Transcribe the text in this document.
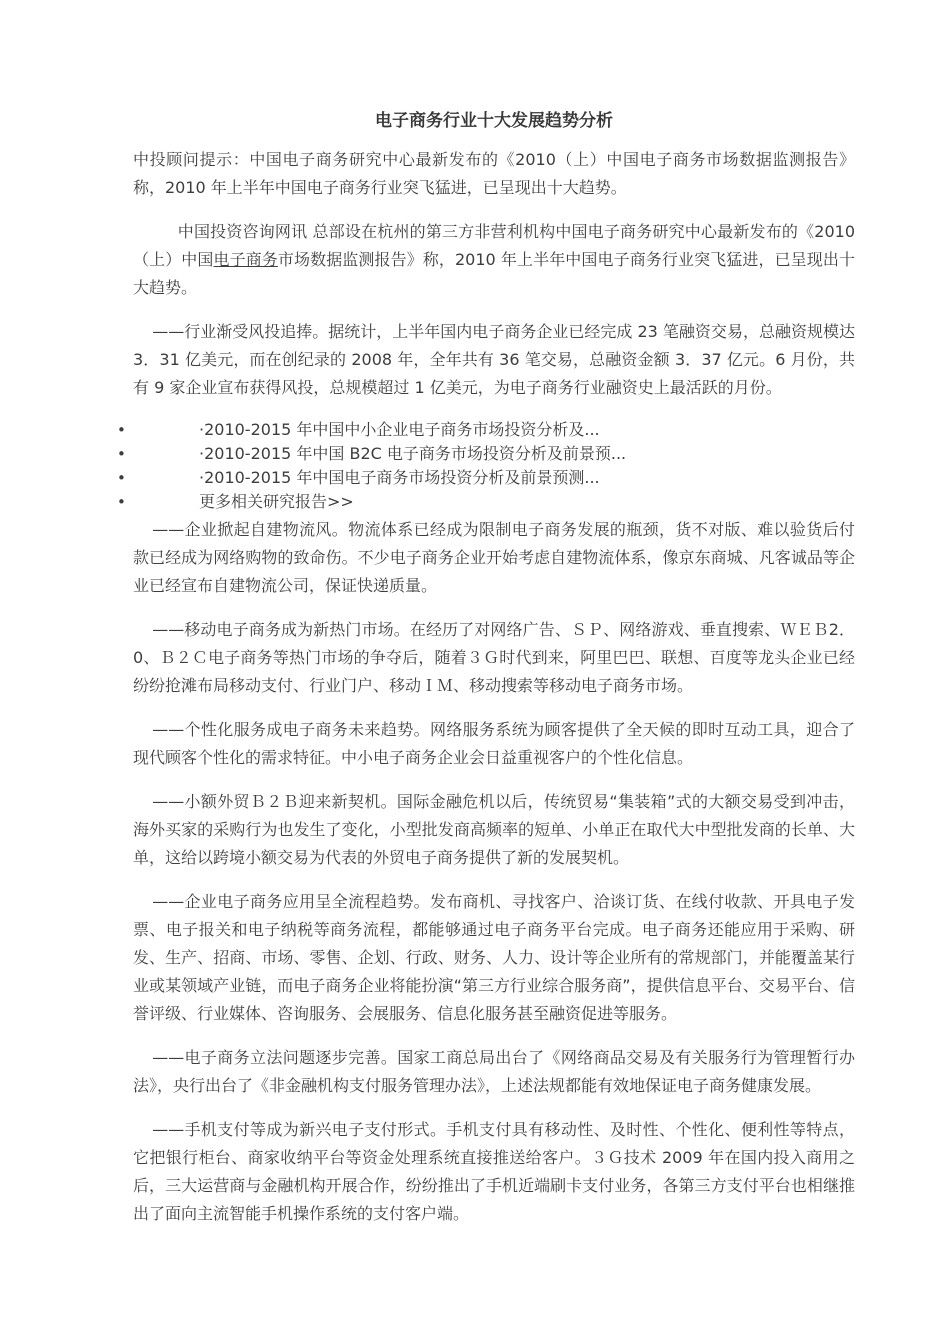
电子商务行业十大发展趋势分析

中投顾问提示：中国电子商务研究中心最新发布的《2010（上）中国电子商务市场数据监测报告》称，2010 年上半年中国电子商务行业突飞猛进，已呈现出十大趋势。

中国投资咨询网讯 总部设在杭州的第三方非营利机构中国电子商务研究中心最新发布的《2010（上）中国电子商务市场数据监测报告》称，2010 年上半年中国电子商务行业突飞猛进，已呈现出十大趋势。

——行业渐受风投追捧。据统计，上半年国内电子商务企业已经完成 23 笔融资交易，总融资规模达 3．31 亿美元，而在创纪录的 2008 年，全年共有 36 笔交易，总融资金额 3．37 亿元。6 月份，共有 9 家企业宣布获得风投，总规模超过 1 亿美元，为电子商务行业融资史上最活跃的月份。

• ·2010-2015 年中国中小企业电子商务市场投资分析及...
• ·2010-2015 年中国 B2C 电子商务市场投资分析及前景预...
• ·2010-2015 年中国电子商务市场投资分析及前景预测...
• 更多相关研究报告>>

——企业掀起自建物流风。物流体系已经成为限制电子商务发展的瓶颈，货不对版、难以验货后付款已经成为网络购物的致命伤。不少电子商务企业开始考虑自建物流体系，像京东商城、凡客诚品等企业已经宣布自建物流公司，保证快递质量。

——移动电子商务成为新热门市场。在经历了对网络广告、ＳＰ、网络游戏、垂直搜索、ＷＥＢ2．0、Ｂ２Ｃ电子商务等热门市场的争夺后，随着３Ｇ时代到来，阿里巴巴、联想、百度等龙头企业已经纷纷抢滩布局移动支付、行业门户、移动ＩＭ、移动搜索等移动电子商务市场。

——个性化服务成电子商务未来趋势。网络服务系统为顾客提供了全天候的即时互动工具，迎合了现代顾客个性化的需求特征。中小电子商务企业会日益重视客户的个性化信息。

——小额外贸Ｂ２Ｂ迎来新契机。国际金融危机以后，传统贸易“集装箱”式的大额交易受到冲击，海外买家的采购行为也发生了变化，小型批发商高频率的短单、小单正在取代大中型批发商的长单、大单，这给以跨境小额交易为代表的外贸电子商务提供了新的发展契机。

——企业电子商务应用呈全流程趋势。发布商机、寻找客户、洽谈订货、在线付收款、开具电子发票、电子报关和电子纳税等商务流程，都能够通过电子商务平台完成。电子商务还能应用于采购、研发、生产、招商、市场、零售、企划、行政、财务、人力、设计等企业所有的常规部门，并能覆盖某行业或某领域产业链，而电子商务企业将能扮演“第三方行业综合服务商”，提供信息平台、交易平台、信誉评级、行业媒体、咨询服务、会展服务、信息化服务甚至融资促进等服务。

——电子商务立法问题逐步完善。国家工商总局出台了《网络商品交易及有关服务行为管理暂行办法》，央行出台了《非金融机构支付服务管理办法》，上述法规都能有效地保证电子商务健康发展。

——手机支付等成为新兴电子支付形式。手机支付具有移动性、及时性、个性化、便利性等特点，它把银行柜台、商家收纳平台等资金处理系统直接推送给客户。３Ｇ技术 2009 年在国内投入商用之后，三大运营商与金融机构开展合作，纷纷推出了手机近端刷卡支付业务，各第三方支付平台也相继推出了面向主流智能手机操作系统的支付客户端。
